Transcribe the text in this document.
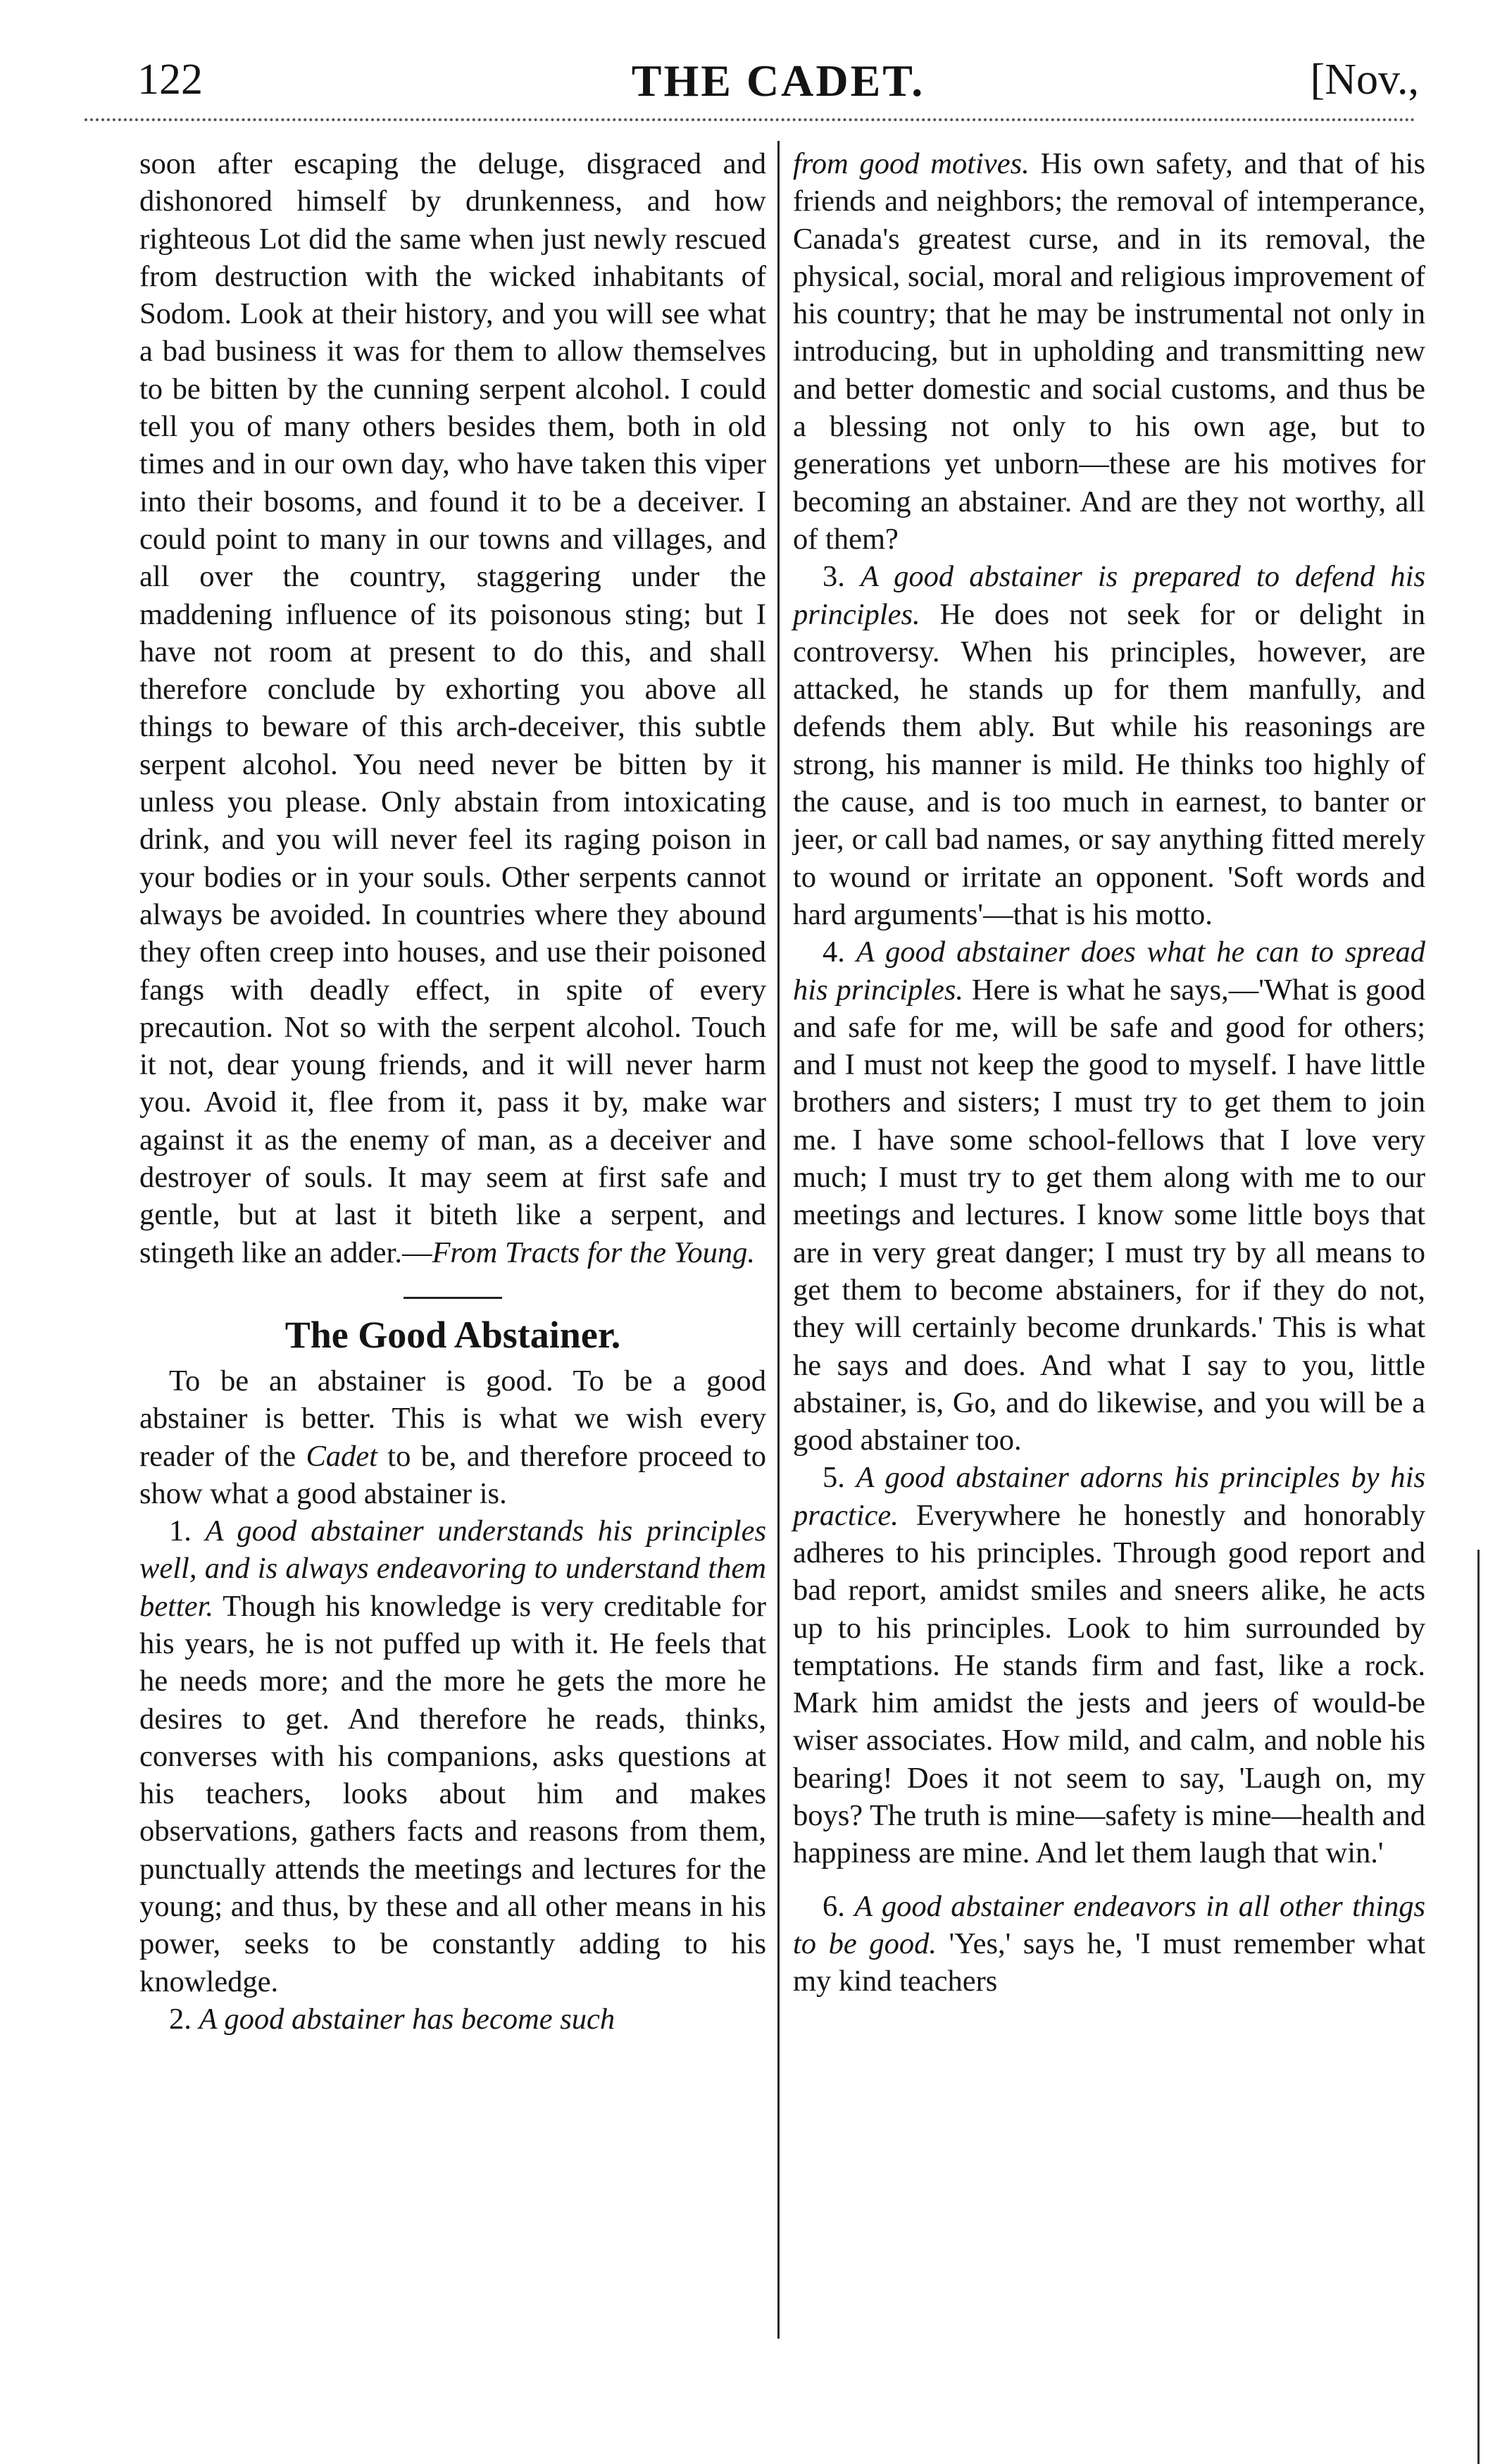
122	THE CADET.	[Nov.,

soon after escaping the deluge, disgraced and dishonored himself by drunkenness, and how righteous Lot did the same when just newly rescued from destruction with the wicked inhabitants of Sodom. Look at their history, and you will see what a bad business it was for them to allow themselves to be bitten by the cunning serpent alcohol. I could tell you of many others besides them, both in old times and in our own day, who have taken this viper into their bosoms, and found it to be a deceiver. I could point to many in our towns and villages, and all over the country, staggering under the maddening influence of its poisonous sting; but I have not room at present to do this, and shall therefore conclude by exhorting you above all things to beware of this arch-deceiver, this subtle serpent alcohol. You need never be bitten by it unless you please. Only abstain from intoxicating drink, and you will never feel its raging poison in your bodies or in your souls. Other serpents cannot always be avoided. In countries where they abound they often creep into houses, and use their poisoned fangs with deadly effect, in spite of every precaution. Not so with the serpent alcohol. Touch it not, dear young friends, and it will never harm you. Avoid it, flee from it, pass it by, make war against it as the enemy of man, as a deceiver and destroyer of souls. It may seem at first safe and gentle, but at last it biteth like a serpent, and stingeth like an adder.—From Tracts for the Young.

The Good Abstainer.

To be an abstainer is good. To be a good abstainer is better. This is what we wish every reader of the Cadet to be, and therefore proceed to show what a good abstainer is.

1. A good abstainer understands his principles well, and is always endeavoring to understand them better. Though his knowledge is very creditable for his years, he is not puffed up with it. He feels that he needs more; and the more he gets the more he desires to get. And therefore he reads, thinks, converses with his companions, asks questions at his teachers, looks about him and makes observations, gathers facts and reasons from them, punctually attends the meetings and lectures for the young; and thus, by these and all other means in his power, seeks to be constantly adding to his knowledge.

2. A good abstainer has become such

from good motives. His own safety, and that of his friends and neighbors; the removal of intemperance, Canada's greatest curse, and in its removal, the physical, social, moral and religious improvement of his country; that he may be instrumental not only in introducing, but in upholding and transmitting new and better domestic and social customs, and thus be a blessing not only to his own age, but to generations yet unborn—these are his motives for becoming an abstainer. And are they not worthy, all of them?

3. A good abstainer is prepared to defend his principles. He does not seek for or delight in controversy. When his principles, however, are attacked, he stands up for them manfully, and defends them ably. But while his reasonings are strong, his manner is mild. He thinks too highly of the cause, and is too much in earnest, to banter or jeer, or call bad names, or say anything fitted merely to wound or irritate an opponent. 'Soft words and hard arguments'—that is his motto.

4. A good abstainer does what he can to spread his principles. Here is what he says,—'What is good and safe for me, will be safe and good for others; and I must not keep the good to myself. I have little brothers and sisters; I must try to get them to join me. I have some school-fellows that I love very much; I must try to get them along with me to our meetings and lectures. I know some little boys that are in very great danger; I must try by all means to get them to become abstainers, for if they do not, they will certainly become drunkards.' This is what he says and does. And what I say to you, little abstainer, is, Go, and do likewise, and you will be a good abstainer too.

5. A good abstainer adorns his principles by his practice. Everywhere he honestly and honorably adheres to his principles. Through good report and bad report, amidst smiles and sneers alike, he acts up to his principles. Look to him surrounded by temptations. He stands firm and fast, like a rock. Mark him amidst the jests and jeers of would-be wiser associates. How mild, and calm, and noble his bearing! Does it not seem to say, 'Laugh on, my boys? The truth is mine—safety is mine—health and happiness are mine. And let them laugh that win.'

6. A good abstainer endeavors in all other things to be good. 'Yes,' says he, 'I must remember what my kind teachers
